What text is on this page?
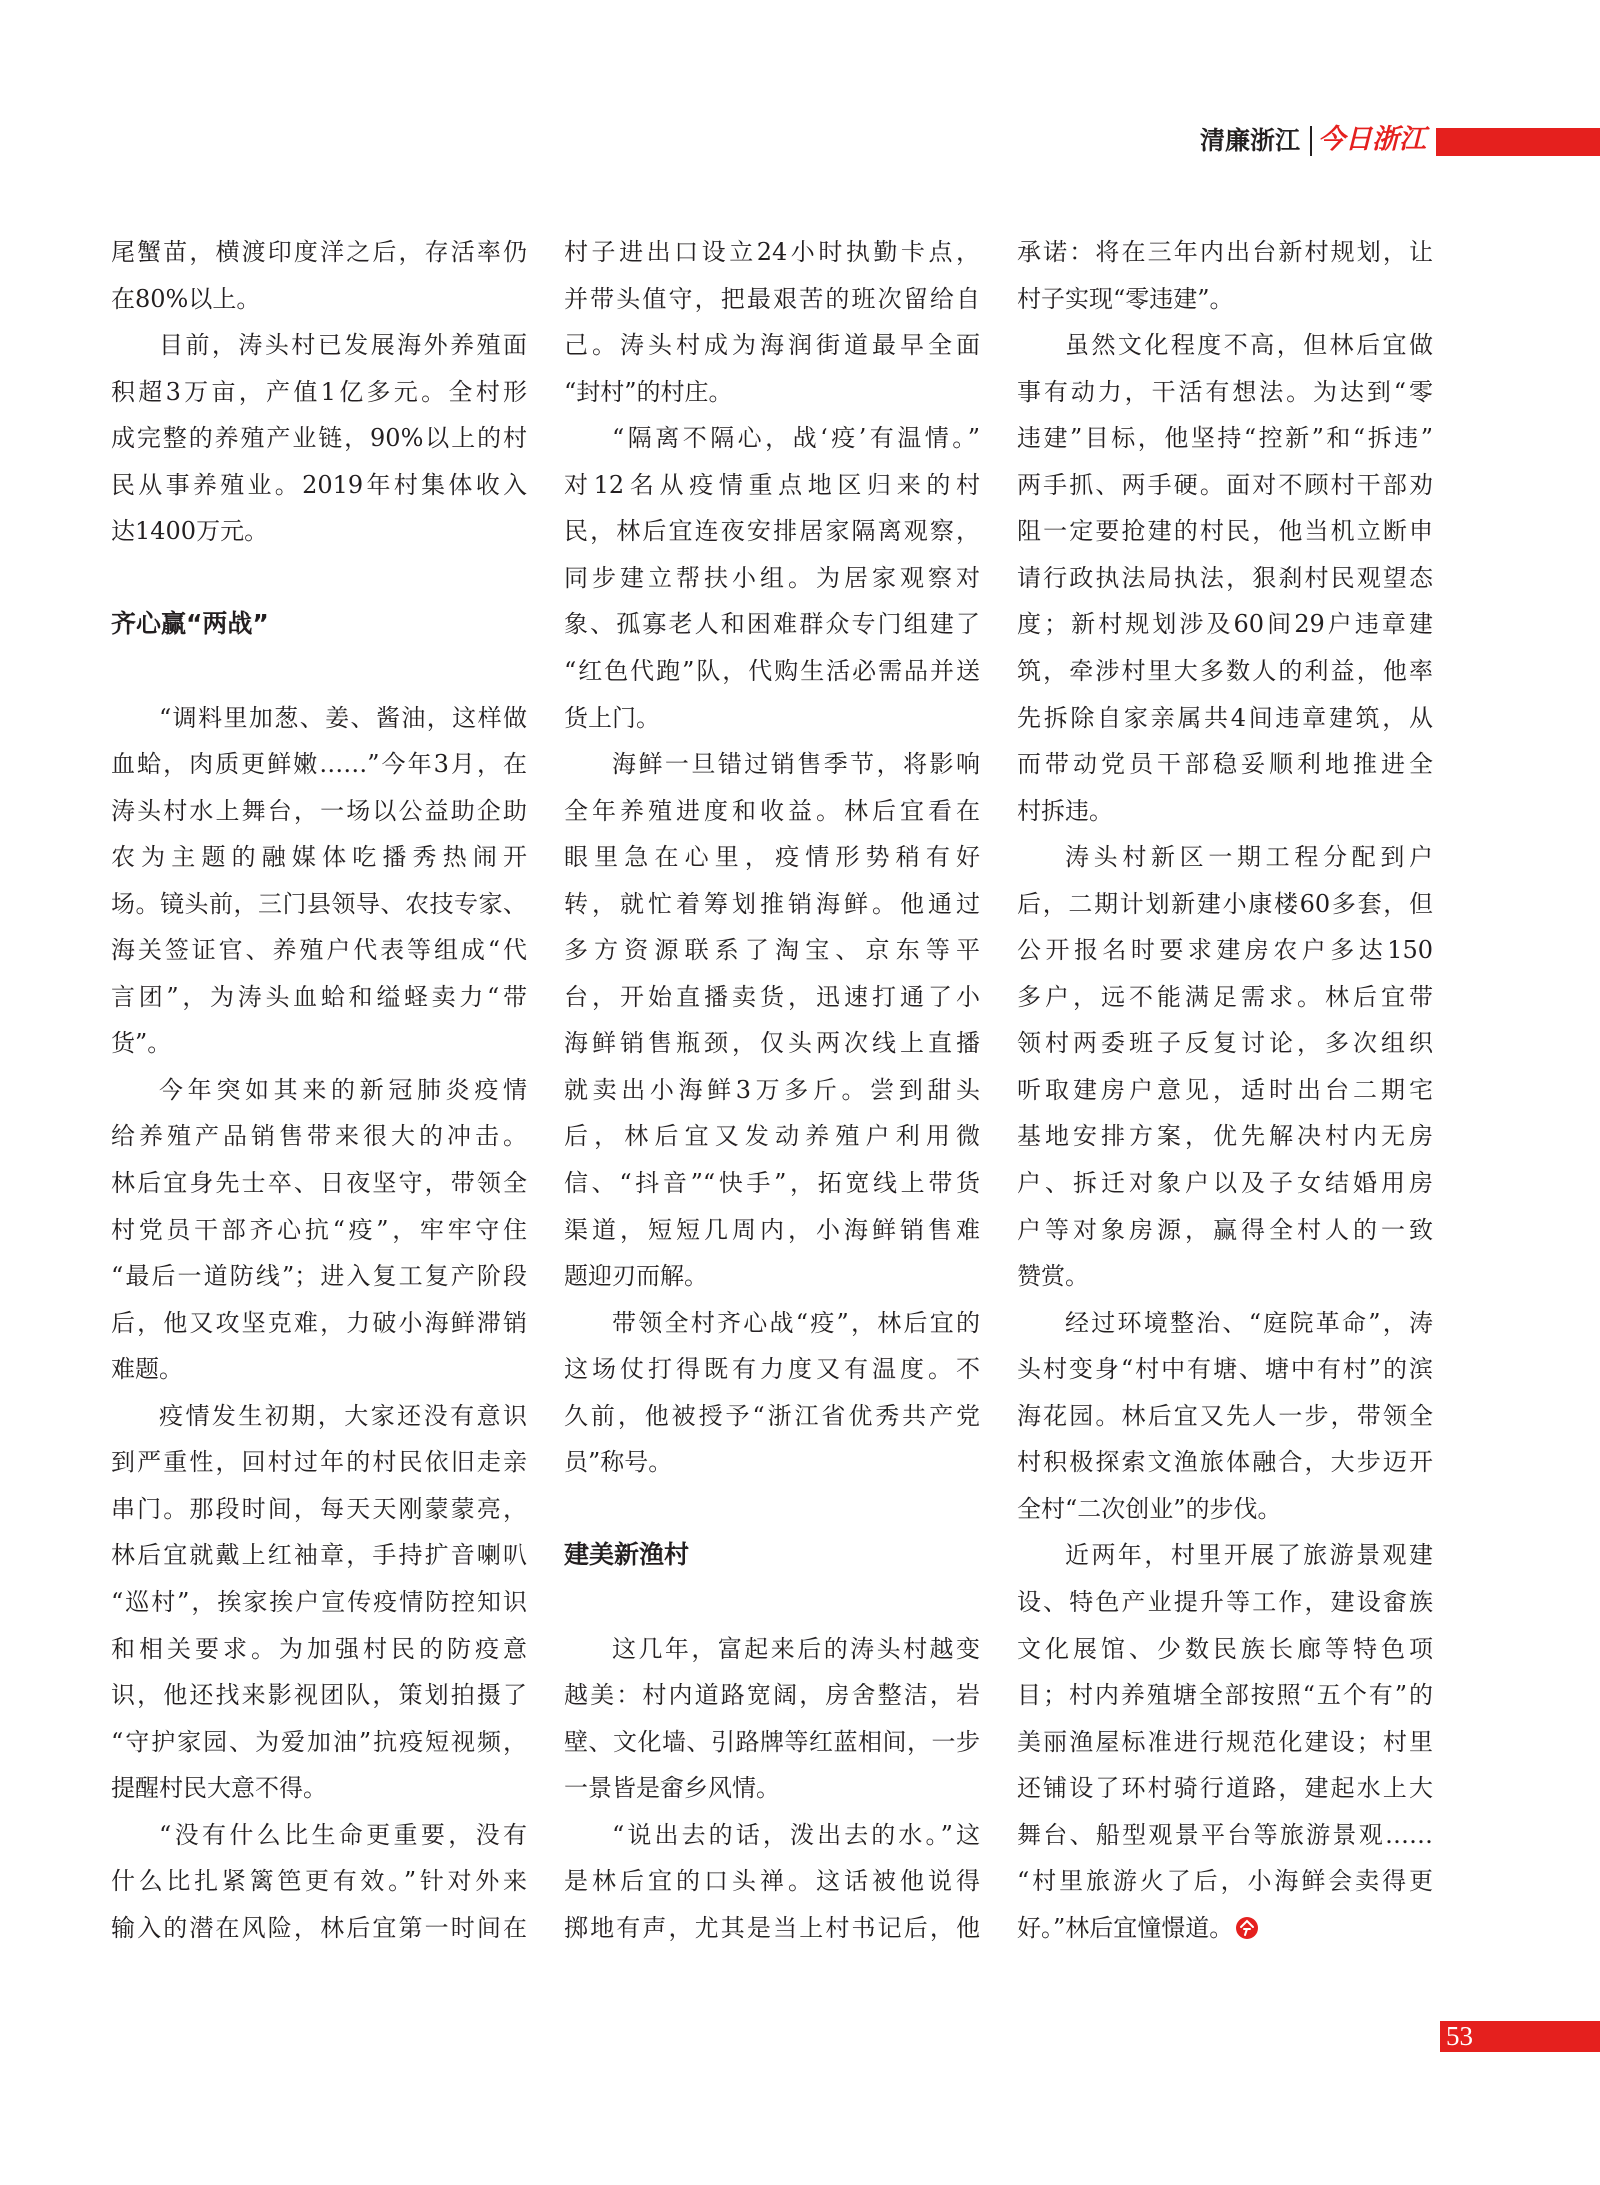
清廉浙江 今日浙江
尾蟹苗，横渡印度洋之后，存活率仍
在80%以上。
目前，涛头村已发展海外养殖面
积超3万亩，产值1亿多元。全村形
成完整的养殖产业链，90%以上的村
民从事养殖业。2019年村集体收入
达1400万元。
齐心赢“两战”
“调料里加葱、姜、酱油，这样做
血蛤，肉质更鲜嫩……”今年3月，在
涛头村水上舞台，一场以公益助企助
农为主题的融媒体吃播秀热闹开
场。镜头前，三门县领导、农技专家、
海关签证官、养殖户代表等组成“代
言团”，为涛头血蛤和缢蛏卖力“带
货”。
今年突如其来的新冠肺炎疫情
给养殖产品销售带来很大的冲击。
林后宜身先士卒、日夜坚守，带领全
村党员干部齐心抗“疫”，牢牢守住
“最后一道防线”；进入复工复产阶段
后，他又攻坚克难，力破小海鲜滞销
难题。
疫情发生初期，大家还没有意识
到严重性，回村过年的村民依旧走亲
串门。那段时间，每天天刚蒙蒙亮，
林后宜就戴上红袖章，手持扩音喇叭
“巡村”，挨家挨户宣传疫情防控知识
和相关要求。为加强村民的防疫意
识，他还找来影视团队，策划拍摄了
“守护家园、为爱加油”抗疫短视频，
提醒村民大意不得。
“没有什么比生命更重要，没有
什么比扎紧篱笆更有效。”针对外来
输入的潜在风险，林后宜第一时间在
村子进出口设立24小时执勤卡点，
并带头值守，把最艰苦的班次留给自
己。涛头村成为海润街道最早全面
“封村”的村庄。
“隔离不隔心，战‘疫’有温情。”
对12名从疫情重点地区归来的村
民，林后宜连夜安排居家隔离观察，
同步建立帮扶小组。为居家观察对
象、孤寡老人和困难群众专门组建了
“红色代跑”队，代购生活必需品并送
货上门。
海鲜一旦错过销售季节，将影响
全年养殖进度和收益。林后宜看在
眼里急在心里，疫情形势稍有好
转，就忙着筹划推销海鲜。他通过
多方资源联系了淘宝、京东等平
台，开始直播卖货，迅速打通了小
海鲜销售瓶颈，仅头两次线上直播
就卖出小海鲜3万多斤。尝到甜头
后，林后宜又发动养殖户利用微
信、“抖音”“快手”，拓宽线上带货
渠道，短短几周内，小海鲜销售难
题迎刃而解。
带领全村齐心战“疫”，林后宜的
这场仗打得既有力度又有温度。不
久前，他被授予“浙江省优秀共产党
员”称号。
建美新渔村
这几年，富起来后的涛头村越变
越美：村内道路宽阔，房舍整洁，岩
壁、文化墙、引路牌等红蓝相间，一步
一景皆是畲乡风情。
“说出去的话，泼出去的水。”这
是林后宜的口头禅。这话被他说得
掷地有声，尤其是当上村书记后，他
承诺：将在三年内出台新村规划，让
村子实现“零违建”。
虽然文化程度不高，但林后宜做
事有动力，干活有想法。为达到“零
违建”目标，他坚持“控新”和“拆违”
两手抓、两手硬。面对不顾村干部劝
阻一定要抢建的村民，他当机立断申
请行政执法局执法，狠刹村民观望态
度；新村规划涉及60间29户违章建
筑，牵涉村里大多数人的利益，他率
先拆除自家亲属共4间违章建筑，从
而带动党员干部稳妥顺利地推进全
村拆违。
涛头村新区一期工程分配到户
后，二期计划新建小康楼60多套，但
公开报名时要求建房农户多达150
多户，远不能满足需求。林后宜带
领村两委班子反复讨论，多次组织
听取建房户意见，适时出台二期宅
基地安排方案，优先解决村内无房
户、拆迁对象户以及子女结婚用房
户等对象房源，赢得全村人的一致
赞赏。
经过环境整治、“庭院革命”，涛
头村变身“村中有塘、塘中有村”的滨
海花园。林后宜又先人一步，带领全
村积极探索文渔旅体融合，大步迈开
全村“二次创业”的步伐。
近两年，村里开展了旅游景观建
设、特色产业提升等工作，建设畲族
文化展馆、少数民族长廊等特色项
目；村内养殖塘全部按照“五个有”的
美丽渔屋标准进行规范化建设；村里
还铺设了环村骑行道路，建起水上大
舞台、船型观景平台等旅游景观……
“村里旅游火了后，小海鲜会卖得更
好。”林后宜憧憬道。
53
